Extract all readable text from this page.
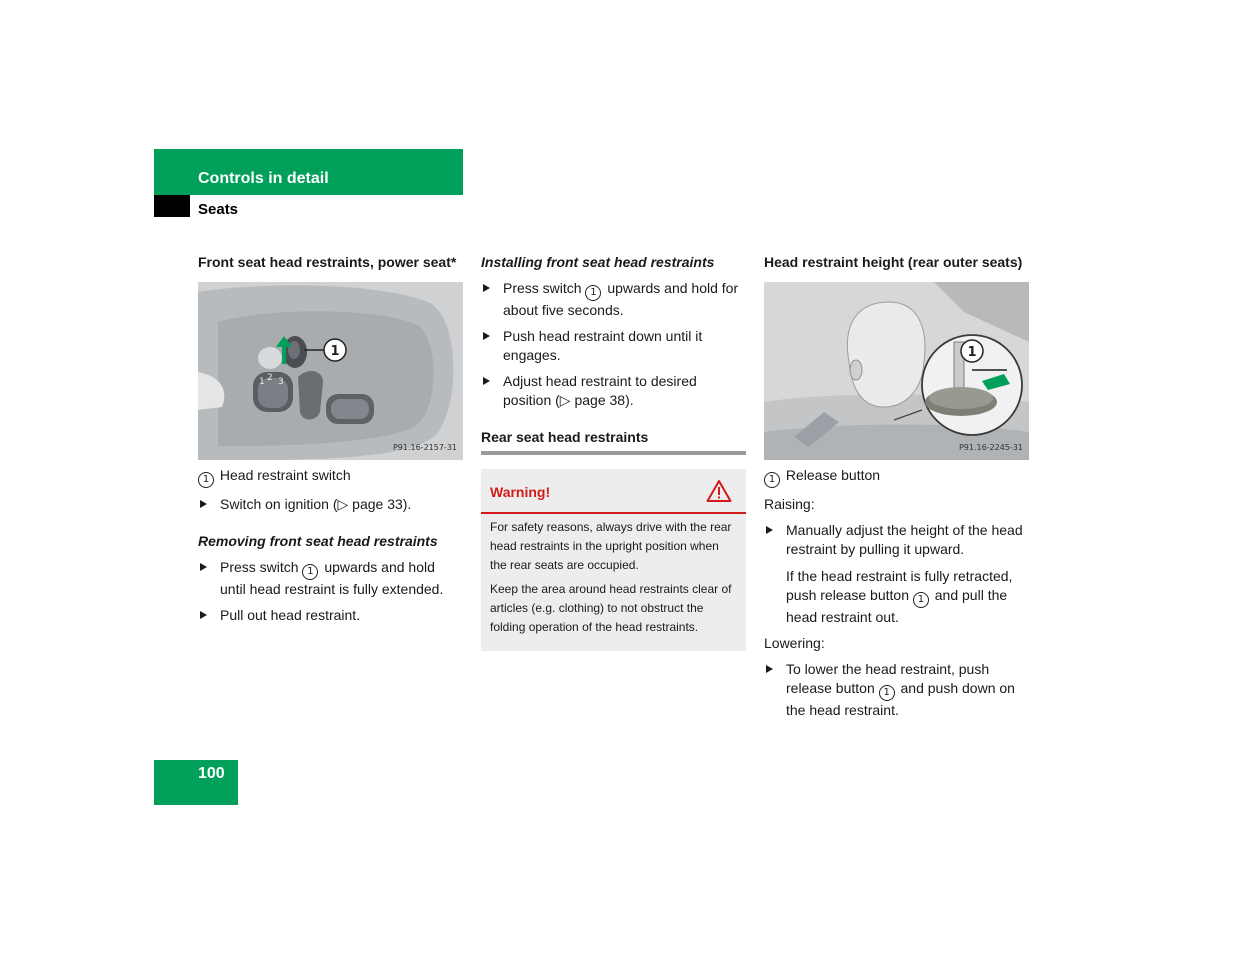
Controls in detail
Seats
Front seat head restraints, power seat*
1
1 2 3
P91.16-2157-31
1 Head restraint switch
Switch on ignition (▷ page 33).
Removing front seat head restraints
Press switch 1 upwards and hold until head restraint is fully extended.
Pull out head restraint.
Installing front seat head restraints
Press switch 1 upwards and hold for about five seconds.
Push head restraint down until it engages.
Adjust head restraint to desired position (▷ page 38).
Rear seat head restraints
Warning!

For safety reasons, always drive with the rear head restraints in the upright position when the rear seats are occupied.

Keep the area around head restraints clear of articles (e.g. clothing) to not obstruct the folding operation of the head restraints.

Head restraint height (rear outer seats)
1
P91.16-2245-31
1 Release button
Raising:
Manually adjust the height of the head restraint by pulling it upward.
If the head restraint is fully retracted, push release button 1 and pull the head restraint out.
Lowering:
To lower the head restraint, push release button 1 and push down on the head restraint.
100
